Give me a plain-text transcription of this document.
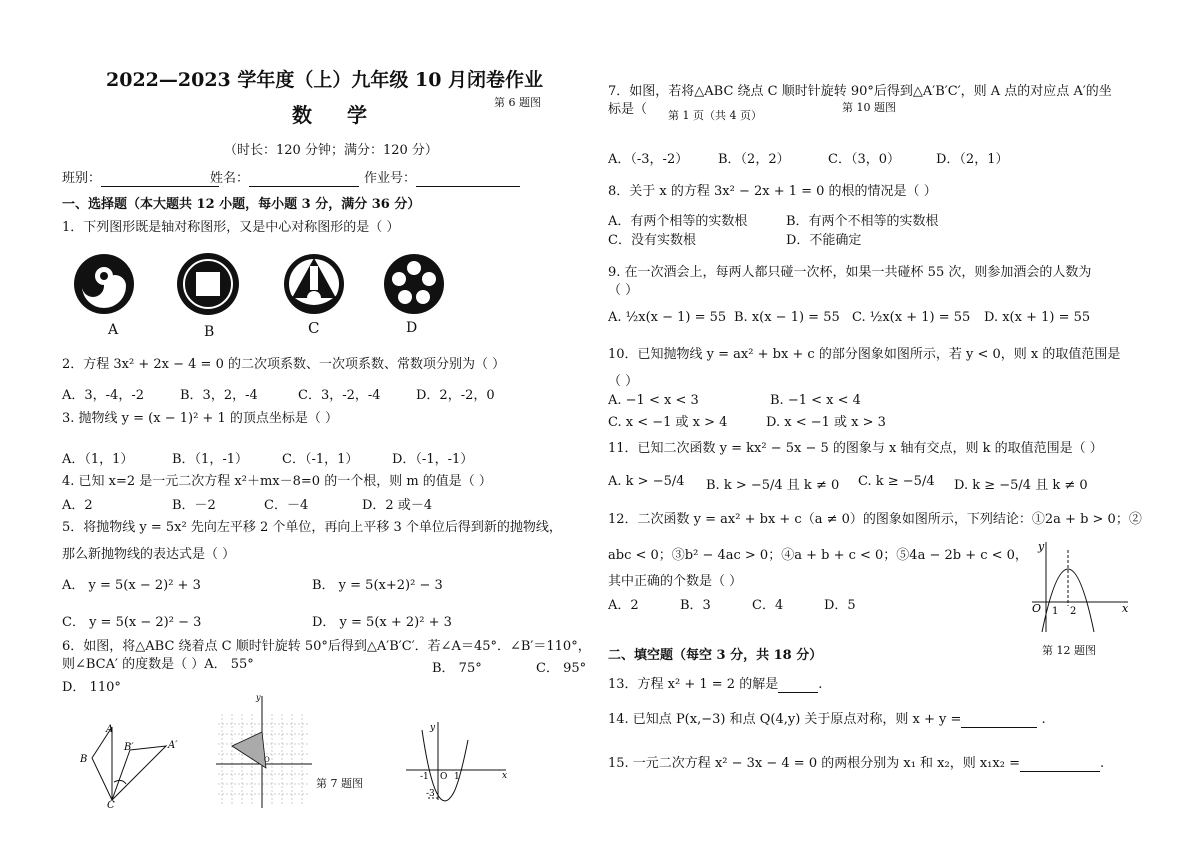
2022—2023 学年度（上）九年级 10 月闭卷作业
第 6 题图
数 学
（时长：120 分钟；满分：120 分）
班别：	姓名：	作业号：
一、选择题（本大题共 12 小题，每小题 3 分，满分 36 分）
1．下列图形既是轴对称图形，又是中心对称图形的是（ ）
A	B	C	D
2．方程 3x² + 2x − 4 = 0 的二次项系数、一次项系数、常数项分别为（ ）
A．3，-4，-2	B．3，2，-4	C．3，-2，-4	D．2，-2，0
3. 抛物线 y = (x − 1)² + 1 的顶点坐标是（ ）
A．（1，1）	B．（1，-1）	C．（-1，1）	D．（-1，-1）
4. 已知 x=2 是一元二次方程 x²＋mx－8=0 的一个根，则 m 的值是（ ）
A．2	B．－2	C．－4	D．2 或－4
5．将抛物线 y = 5x² 先向左平移 2 个单位，再向上平移 3 个单位后得到新的抛物线，
那么新抛物线的表达式是（ ）
A． y = 5(x − 2)² + 3	B． y = 5(x+2)² − 3
C． y = 5(x − 2)² − 3	D． y = 5(x + 2)² + 3
6．如图，将△ABC 绕着点 C 顺时针旋转 50°后得到△A′B′C′．若∠A＝45°．∠B′＝110°，
则∠BCA′ 的度数是（ ）A． 55°	B． 75°	C． 95°
D． 110°
A
B
C
B′	A′
y
O
第 7 题图
y
x
-1 O 1
-3
7．如图，若将△ABC 绕点 C 顺时针旋转 90°后得到△A′B′C′，则 A 点的对应点 A′的坐
标是（ 第 1 页（共 4 页）
第 10 题图
A．（-3，-2） B．（2，2）	C．（3，0）	D．（2，1）
8．关于 x 的方程 3x² − 2x + 1 = 0 的根的情况是（ ）
A．有两个相等的实数根	B．有两个不相等的实数根
C．没有实数根	D．不能确定
9. 在一次酒会上，每两人都只碰一次杯，如果一共碰杯 55 次，则参加酒会的人数为
（ ）
A. ½x(x − 1) = 55 B. x(x − 1) = 55 C. ½x(x + 1) = 55 D. x(x + 1) = 55
10．已知抛物线 y = ax² + bx + c 的部分图象如图所示，若 y < 0，则 x 的取值范围是
（ ）
A. −1 < x < 3	B. −1 < x < 4
C. x < −1 或 x > 4	D. x < −1 或 x > 3
11．已知二次函数 y = kx² − 5x − 5 的图象与 x 轴有交点，则 k 的取值范围是（ ）
A. k > −5/4 B. k > −5/4 且 k ≠ 0 C. k ≥ −5/4 D. k ≥ −5/4 且 k ≠ 0
12．二次函数 y = ax² + bx + c（a ≠ 0）的图象如图所示，下列结论：①2a + b > 0；②
abc < 0；③b² − 4ac > 0；④a + b + c < 0；⑤4a − 2b + c < 0，
其中正确的个数是（ ）
A．2	B．3	C．4	D．5
y
x
O 1 2
第 12 题图
二、填空题（每空 3 分，共 18 分）
13．方程 x² + 1 = 2 的解是	.
14. 已知点 P(x,−3) 和点 Q(4,y) 关于原点对称，则 x + y =	.
15. 一元二次方程 x² − 3x − 4 = 0 的两根分别为 x₁ 和 x₂，则 x₁x₂ =	.
